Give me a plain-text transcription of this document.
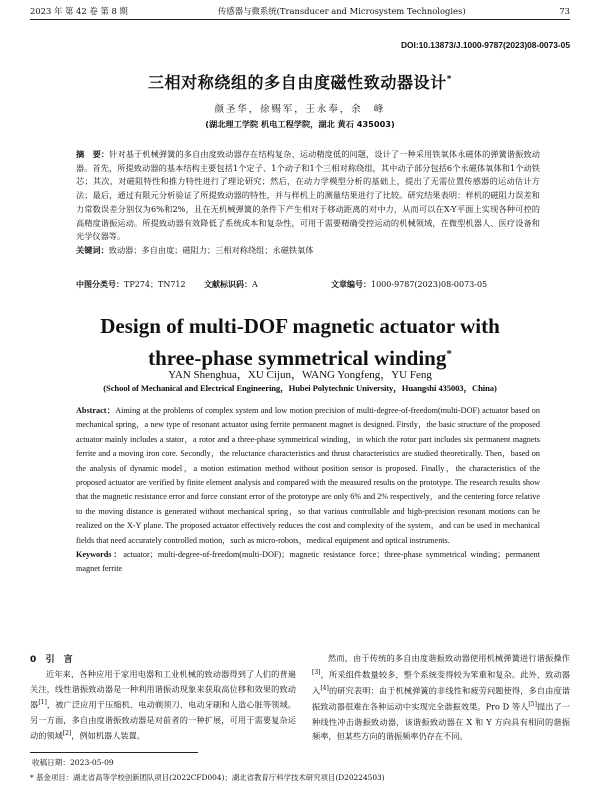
2023 年 第 42 卷 第 8 期	传感器与微系统(Transducer and Microsystem Technologies)	73
DOI:10.13873/J.1000-9787(2023)08-0073-05
三相对称绕组的多自由度磁性致动器设计*
颜圣华，徐赐军，王永奉，余　峰
(湖北理工学院 机电工程学院，湖北 黄石 435003)
摘　要：针对基于机械弹簧的多自由度致动器存在结构复杂、运动精度低的问题，设计了一种采用铁氧体永磁体的弹簧谐振致动器。首先，所提致动器的基本结构主要包括1个定子、1个动子和1个三相对称绕组，其中动子部分包括6个永磁体氧体和1个动铁芯；其次，对磁阻特性和推力特性进行了理论研究；然后，在动力学模型分析的基础上，提出了无需位置传感器的运动估计方法；最后，通过有限元分析验证了所提致动器的特性，并与样机上的测量结果进行了比较。研究结果表明：样机的磁阻力误差和力常数误差分别仅为6%和2%，且在无机械弹簧的条件下产生相对于移动距离的对中力，从而可以在X-Y平面上实现各种可控的高精度谐振运动。所提致动器有效降低了系统成本和复杂性，可用于需要精确受控运动的机械领域，在微型机器人、医疗设备和光学仪器等。
关键词：致动器；多自由度；磁阻力；三相对称绕组；永磁铁氧体
中图分类号：TP274；TN712 文献标识码：A	文章编号：1000-9787(2023)08-0073-05
Design of multi-DOF magnetic actuator with
three-phase symmetrical winding*
YAN Shenghua，XU Cijun，WANG Yongfeng，YU Feng
(School of Mechanical and Electrical Engineering，Hubei Polytechnic University，Huangshi 435003，China)
Abstract：Aiming at the problems of complex system and low motion precision of multi-degree-of-freedom(multi-DOF) actuator based on mechanical spring，a new type of resonant actuator using ferrite permanent magnet is designed. Firstly，the basic structure of the proposed actuator mainly includes a stator，a rotor and a three-phase symmetrical winding，in which the rotor part includes six permanent magnets ferrite and a moving iron core. Secondly，the reluctance characteristics and thrust characteristics are studied theoretically. Then，based on the analysis of dynamic model，a motion estimation method without position sensor is proposed. Finally，the characteristics of the proposed actuator are verified by finite element analysis and compared with the measured results on the prototype. The research results show that the magnetic resistance error and force constant error of the prototype are only 6% and 2% respectively，and the centering force relative to the moving distance is generated without mechanical spring，so that various controllable and high-precision resonant motions can be realized on the X-Y plane. The proposed actuator effectively reduces the cost and complexity of the system，and can be used in mechanical fields that need accurately controlled motion，such as micro-robots，medical equipment and optical instruments.
Keywords：actuator；multi-degree-of-freedom(multi-DOF)；magnetic resistance force；three-phase symmetrical winding；permanent magnet ferrite
0 引　言
近年来，各种应用于家用电器和工业机械的致动器得到了人们的普遍关注，线性谐振致动器是一种利用谐振动现象来获取高位移和效果的致动器[1]，被广泛应用于压缩机、电动剃须刀、电动牙刷和人造心脏等领域。另一方面，多自由度谐振致动器是对前者的一种扩展，可用于需要复杂运动的领域[2]，例如机器人装置。
然而，由于传统的多自由度谐振致动器使用机械弹簧进行谐振操作[3]，所采组件数量较多，整个系统变得较为笨重和复杂。此外，致动器入[4]的研究表明：由于机械弹簧的非线性和疲劳问题使得，多自由度谐振致动器很难在各种运动中实现完全谐振效果。Pro D 等人[5]提出了一种线性冲击谐振致动器，该谐振致动器在 X 和 Y 方向具有相同的谐振频率，但某些方向的谐振频率仍存在不同。
收稿日期：2023-05-09
* 基金项目：湖北省高等学校创新团队项目(2022CFD004)；湖北省教育厅科学技术研究项目(D20224503)
